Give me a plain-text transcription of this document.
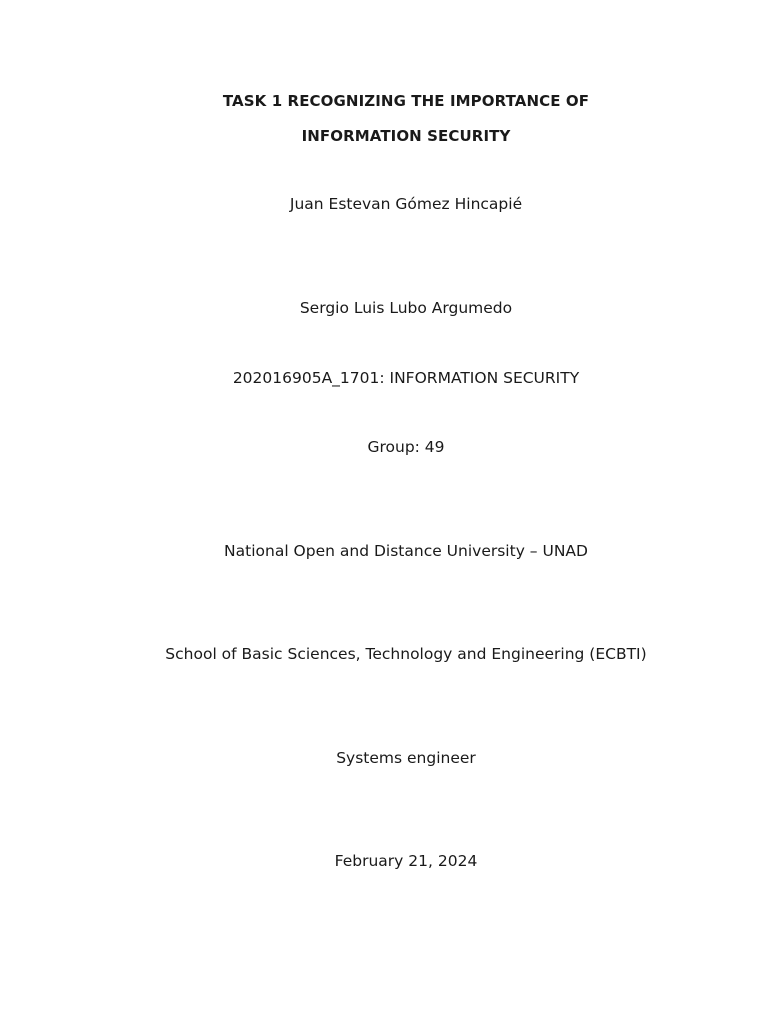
TASK 1 RECOGNIZING THE IMPORTANCE OF
INFORMATION SECURITY
Juan Estevan Gómez Hincapié
Sergio Luis Lubo Argumedo
202016905A_1701: INFORMATION SECURITY
Group: 49
National Open and Distance University – UNAD
School of Basic Sciences, Technology and Engineering (ECBTI)
Systems engineer
February 21, 2024
